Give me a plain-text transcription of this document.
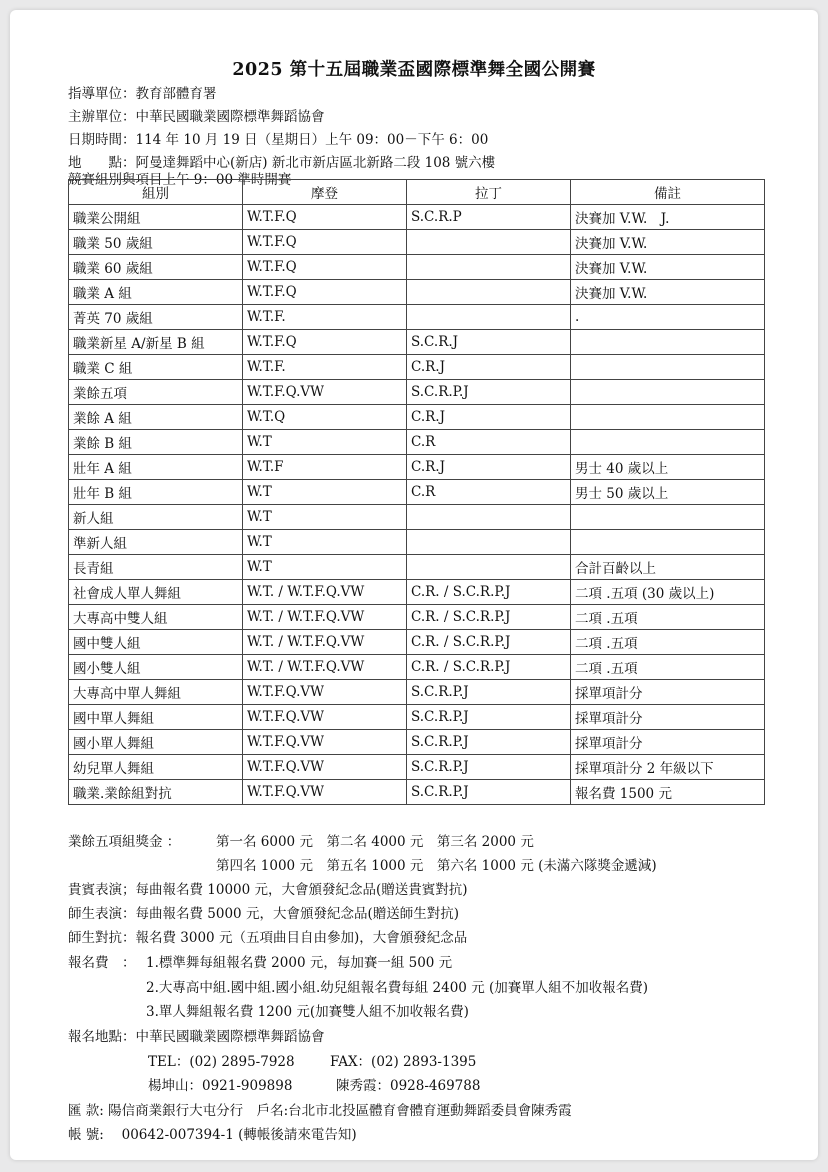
2025 第十五屆職業盃國際標準舞全國公開賽
指導單位：教育部體育署
主辦單位：中華民國職業國際標準舞蹈協會
日期時間：114 年 10 月 19 日（星期日）上午 09：00－下午 6：00
地　　點：阿曼達舞蹈中心(新店) 新北市新店區北新路二段 108 號六樓
競賽組別與項目上午 9：00 準時開賽
組別	摩登	拉丁	備註
職業公開組	W.T.F.Q	S.C.R.P	決賽加 V.W.　J.
職業 50 歲組	W.T.F.Q		決賽加 V.W.
職業 60 歲組	W.T.F.Q		決賽加 V.W.
職業 A 組	W.T.F.Q		決賽加 V.W.
菁英 70 歲組	W.T.F.		.
職業新星 A/新星 B 組	W.T.F.Q	S.C.R.J	
職業 C 組	W.T.F.	C.R.J	
業餘五項	W.T.F.Q.VW	S.C.R.P.J	
業餘 A 組	W.T.Q	C.R.J	
業餘 B 組	W.T	C.R	
壯年 A 組	W.T.F	C.R.J	男士 40 歲以上
壯年 B 組	W.T	C.R	男士 50 歲以上
新人組	W.T		
準新人組	W.T		
長青組	W.T		合計百齡以上
社會成人單人舞組	W.T. / W.T.F.Q.VW	C.R. / S.C.R.P.J	二項 .五項 (30 歲以上)
大專高中雙人組	W.T. / W.T.F.Q.VW	C.R. / S.C.R.P.J	二項 .五項
國中雙人組	W.T. / W.T.F.Q.VW	C.R. / S.C.R.P.J	二項 .五項
國小雙人組	W.T. / W.T.F.Q.VW	C.R. / S.C.R.P.J	二項 .五項
大專高中單人舞組	W.T.F.Q.VW	S.C.R.P.J	採單項計分
國中單人舞組	W.T.F.Q.VW	S.C.R.P.J	採單項計分
國小單人舞組	W.T.F.Q.VW	S.C.R.P.J	採單項計分
幼兒單人舞組	W.T.F.Q.VW	S.C.R.P.J	採單項計分 2 年級以下
職業.業餘組對抗	W.T.F.Q.VW	S.C.R.P.J	報名費 1500 元
業餘五項組獎金 ：	第一名 6000 元　第二名 4000 元　第三名 2000 元
第四名 1000 元　第五名 1000 元　第六名 1000 元 (未滿六隊獎金遞減)
貴賓表演；每曲報名費 10000 元，大會頒發紀念品(贈送貴賓對抗)
師生表演：每曲報名費 5000 元，大會頒發紀念品(贈送師生對抗)
師生對抗：報名費 3000 元（五項曲目自由參加)，大會頒發紀念品
報名費　： 1.標準舞每組報名費 2000 元，每加賽一組 500 元
2.大專高中組.國中組.國小組.幼兒組報名費每組 2400 元 (加賽單人組不加收報名費)
3.單人舞組報名費 1200 元(加賽雙人組不加收報名費)
報名地點：中華民國職業國際標準舞蹈協會
TEL：(02) 2895-7928	FAX：(02) 2893-1395
楊坤山：0921-909898	陳秀霞：0928-469788
匯 款: 陽信商業銀行大屯分行　戶名:台北市北投區體育會體育運動舞蹈委員會陳秀霞
帳 號: 　00642-007394-1 (轉帳後請來電告知)
